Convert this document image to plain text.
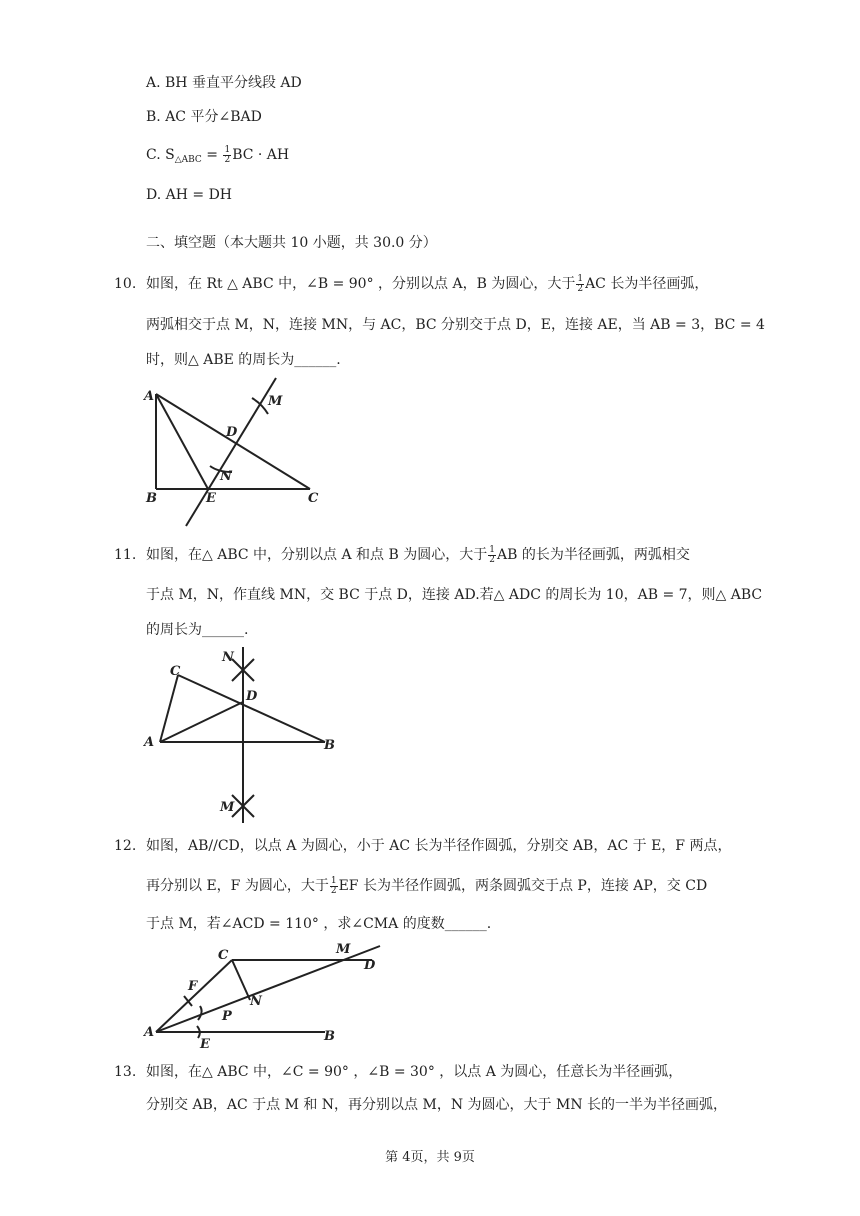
A. BH 垂直平分线段 AD
B. AC 平分∠BAD
C. $S_{\triangle ABC} = \frac{1}{2}$ BC · AH
D. AH = DH
二、填空题（本大题共 10 小题，共 30.0 分）
10. 如图，在 Rt △ ABC 中，∠B = 90° ，分别以点 A，B 为圆心，大于 $\frac{1}{2}$ AC 长为半径画弧，
两弧相交于点 M，N，连接 MN，与 AC，BC 分别交于点 D，E，连接 AE，当 AB = 3，BC = 4
时，则△ ABE 的周长为______.
A
B	C
D
E
M
N
11. 如图，在△ ABC 中，分别以点 A 和点 B 为圆心，大于 $\frac{1}{2}$ AB 的长为半径画弧，两弧相交
于点 M，N，作直线 MN，交 BC 于点 D，连接 AD.若△ ADC 的周长为 10，AB = 7，则△ ABC
的周长为______.
A	B
C
D
M
N
12. 如图，AB//CD，以点 A 为圆心，小于 AC 长为半径作圆弧，分别交 AB，AC 于 E，F 两点，
再分别以 E，F 为圆心，大于 $\frac{1}{2}$ EF 长为半径作圆弧，两条圆弧交于点 P，连接 AP，交 CD
于点 M，若∠ACD = 110° ，求∠CMA 的度数______.
A	B
C
D
E
F
M
N
P
13. 如图，在△ ABC 中，∠C = 90° ，∠B = 30° ，以点 A 为圆心，任意长为半径画弧，
分别交 AB，AC 于点 M 和 N，再分别以点 M，N 为圆心，大于 MN 长的一半为半径画弧，
第 4页，共 9页
